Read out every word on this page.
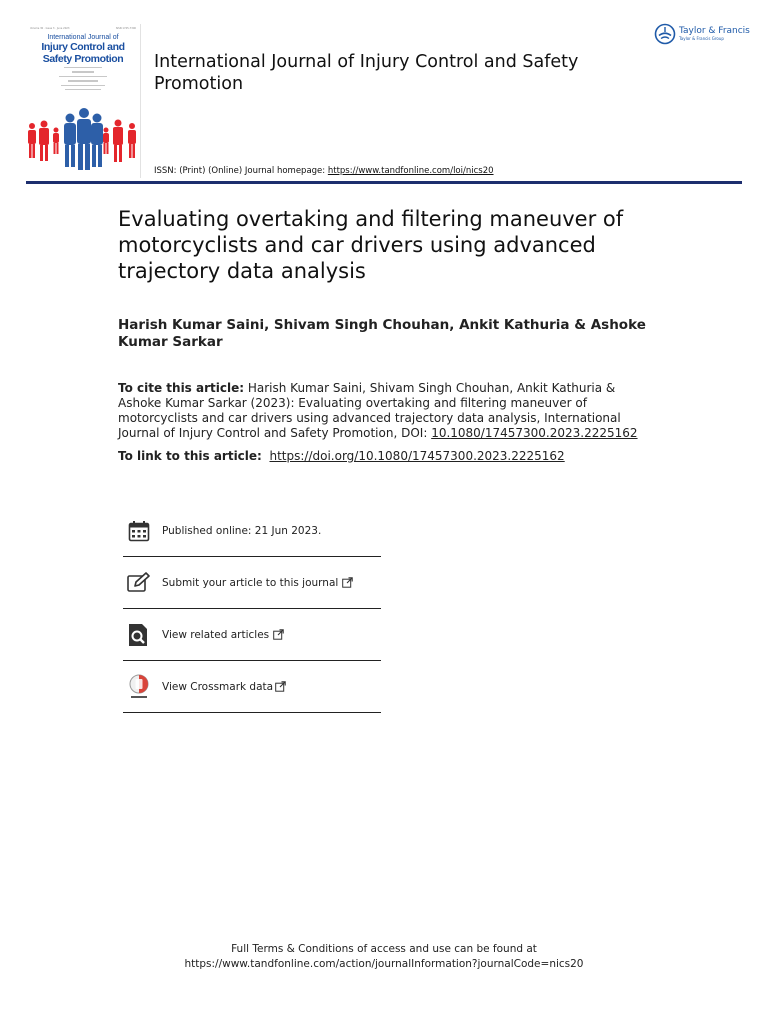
Volume 30 · Issue 3 · June 2023	ISSN 1745-7300
International Journal of
Injury Control and
Safety Promotion	International Journal of Injury Control and Safety Promotion
Taylor & Francis
Taylor & Francis Group
ISSN: (Print) (Online) Journal homepage: https://www.tandfonline.com/loi/nics20
Evaluating overtaking and filtering maneuver of motorcyclists and car drivers using advanced trajectory data analysis
Harish Kumar Saini, Shivam Singh Chouhan, Ankit Kathuria & Ashoke Kumar Sarkar
To cite this article: Harish Kumar Saini, Shivam Singh Chouhan, Ankit Kathuria & Ashoke Kumar Sarkar (2023): Evaluating overtaking and filtering maneuver of motorcyclists and car drivers using advanced trajectory data analysis, International Journal of Injury Control and Safety Promotion, DOI: 10.1080/17457300.2023.2225162
To link to this article: https://doi.org/10.1080/17457300.2023.2225162
Published online: 21 Jun 2023.
Submit your article to this journal
View related articles
View Crossmark data
Full Terms & Conditions of access and use can be found at
https://www.tandfonline.com/action/journalInformation?journalCode=nics20
